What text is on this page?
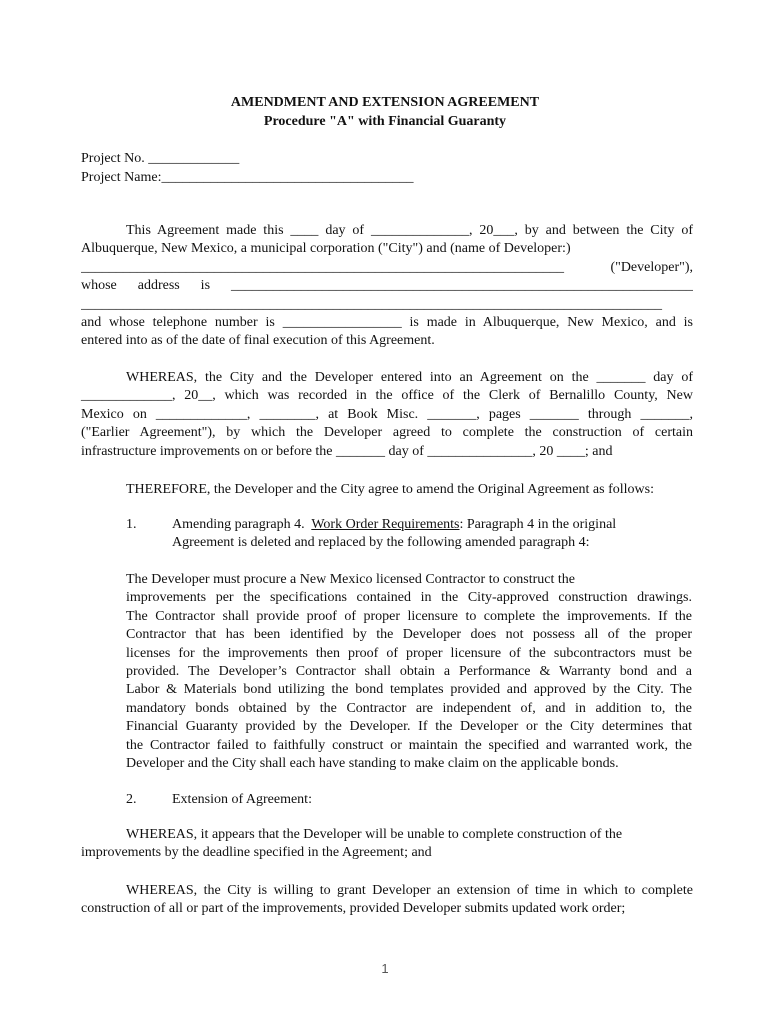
AMENDMENT AND EXTENSION AGREEMENT
Procedure "A" with Financial Guaranty
Project No. _____________
Project Name:____________________________________
This Agreement made this ____ day of ______________, 20___, by and between the City of
Albuquerque, New Mexico, a municipal corporation ("City") and (name of Developer:)
_____________________________________________________________________ ("Developer"),
whose address is __________________________________________________________________
___________________________________________________________________________________
and whose telephone number is _________________ is made in Albuquerque, New Mexico, and is
entered into as of the date of final execution of this Agreement.
WHEREAS, the City and the Developer entered into an Agreement on the _______ day of
_____________, 20__, which was recorded in the office of the Clerk of Bernalillo County, New
Mexico on _____________, ________, at Book Misc. _______, pages _______ through _______,
("Earlier Agreement"), by which the Developer agreed to complete the construction of certain
infrastructure improvements on or before the _______ day of _______________, 20 ____; and
THEREFORE, the Developer and the City agree to amend the Original Agreement as follows:
1.	Amending paragraph 4.  Work Order Requirements: Paragraph 4 in the original
Agreement is deleted and replaced by the following amended paragraph 4:
The Developer must procure a New Mexico licensed Contractor to construct the
improvements per the specifications contained in the City-approved construction drawings.
The Contractor shall provide proof of proper licensure to complete the improvements. If the
Contractor that has been identified by the Developer does not possess all of the proper
licenses for the improvements then proof of proper licensure of the subcontractors must be
provided. The Developer’s Contractor shall obtain a Performance & Warranty bond and a
Labor & Materials bond utilizing the bond templates provided and approved by the City. The
mandatory bonds obtained by the Contractor are independent of, and in addition to, the
Financial Guaranty provided by the Developer. If the Developer or the City determines that
the Contractor failed to faithfully construct or maintain the specified and warranted work, the
Developer and the City shall each have standing to make claim on the applicable bonds.
2.	Extension of Agreement:
WHEREAS, it appears that the Developer will be unable to complete construction of the
improvements by the deadline specified in the Agreement; and
WHEREAS, the City is willing to grant Developer an extension of time in which to complete
construction of all or part of the improvements, provided Developer submits updated work order;
1
